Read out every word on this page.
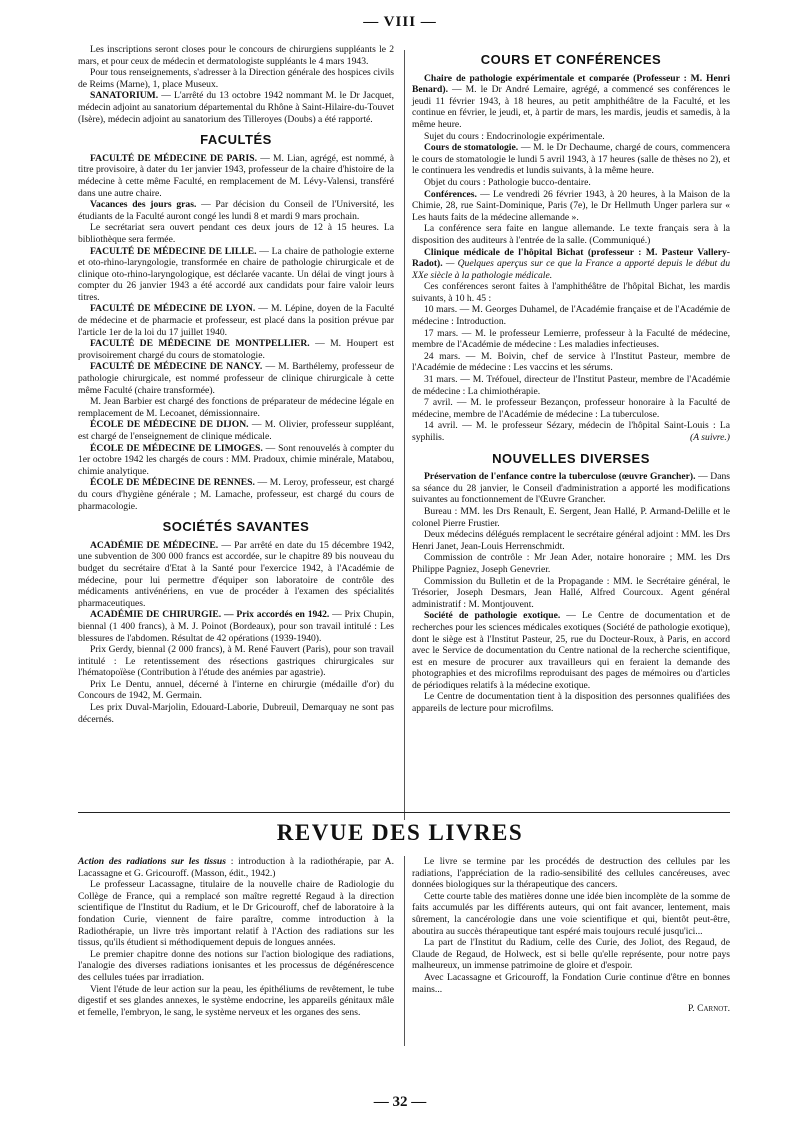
— VIII —

Les inscriptions seront closes pour le concours de chirurgiens suppléants le 2 mars, et pour ceux de médecin et dermatologiste suppléants le 4 mars 1943.

Pour tous renseignements, s'adresser à la Direction générale des hospices civils de Reims (Marne), 1, place Museux.

SANATORIUM. — L'arrêté du 13 octobre 1942 nommant M. le Dr Jacquet, médecin adjoint au sanatorium départemental du Rhône à Saint-Hilaire-du-Touvet (Isère), médecin adjoint au sanatorium des Tilleroyes (Doubs) a été rapporté.

FACULTÉS

FACULTÉ DE MÉDECINE DE PARIS. — M. Lian, agrégé, est nommé, à titre provisoire, à dater du 1er janvier 1943, professeur de la chaire d'histoire de la médecine à cette même Faculté, en remplacement de M. Lévy-Valensi, transféré dans une autre chaire.

Vacances des jours gras. — Par décision du Conseil de l'Université, les étudiants de la Faculté auront congé les lundi 8 et mardi 9 mars prochain.

Le secrétariat sera ouvert pendant ces deux jours de 12 à 15 heures. La bibliothèque sera fermée.

FACULTÉ DE MÉDECINE DE LILLE. — La chaire de pathologie externe et oto-rhino-laryngologie, transformée en chaire de pathologie chirurgicale et de clinique oto-rhino-laryngologique, est déclarée vacante. Un délai de vingt jours à compter du 26 janvier 1943 a été accordé aux candidats pour faire valoir leurs titres.

FACULTÉ DE MÉDECINE DE LYON. — M. Lépine, doyen de la Faculté de médecine et de pharmacie et professeur, est placé dans la position prévue par l'article 1er de la loi du 17 juillet 1940.

FACULTÉ DE MÉDECINE DE MONTPELLIER. — M. Houpert est provisoirement chargé du cours de stomatologie.

FACULTÉ DE MÉDECINE DE NANCY. — M. Barthélemy, professeur de pathologie chirurgicale, est nommé professeur de clinique chirurgicale à cette même Faculté (chaire transformée).

M. Jean Barbier est chargé des fonctions de préparateur de médecine légale en remplacement de M. Lecoanet, démissionnaire.

ÉCOLE DE MÉDECINE DE DIJON. — M. Olivier, professeur suppléant, est chargé de l'enseignement de clinique médicale.

ÉCOLE DE MÉDECINE DE LIMOGES. — Sont renouvelés à compter du 1er octobre 1942 les chargés de cours : MM. Pradoux, chimie minérale, Matabou, chimie analytique.

ÉCOLE DE MÉDECINE DE RENNES. — M. Leroy, professeur, est chargé du cours d'hygiène générale ; M. Lamache, professeur, est chargé du cours de pharmacologie.

SOCIÉTÉS SAVANTES

ACADÉMIE DE MÉDECINE. — Par arrêté en date du 15 décembre 1942, une subvention de 300 000 francs est accordée, sur le chapitre 89 bis nouveau du budget du secrétaire d'Etat à la Santé pour l'exercice 1942, à l'Académie de médecine, pour lui permettre d'équiper son laboratoire de contrôle des médicaments antivénériens, en vue de procéder à l'examen des spécialités pharmaceutiques.

ACADÉMIE DE CHIRURGIE. — Prix accordés en 1942. — Prix Chupin, biennal (1 400 francs), à M. J. Poinot (Bordeaux), pour son travail intitulé : Les blessures de l'abdomen. Résultat de 42 opérations (1939-1940).

Prix Gerdy, biennal (2 000 francs), à M. René Fauvert (Paris), pour son travail intitulé : Le retentissement des résections gastriques chirurgicales sur l'hématopoïèse (Contribution à l'étude des anémies par agastrie).

Prix Le Dentu, annuel, décerné à l'interne en chirurgie (médaille d'or) du Concours de 1942, M. Germain.

Les prix Duval-Marjolin, Edouard-Laborie, Dubreuil, Demarquay ne sont pas décernés.

COURS ET CONFÉRENCES

Chaire de pathologie expérimentale et comparée (Professeur : M. Henri Benard). — M. le Dr André Lemaire, agrégé, a commencé ses conférences le jeudi 11 février 1943, à 18 heures, au petit amphithéâtre de la Faculté, et les continue en février, le jeudi, et, à partir de mars, les mardis, jeudis et samedis, à la même heure.

Sujet du cours : Endocrinologie expérimentale.

Cours de stomatologie. — M. le Dr Dechaume, chargé de cours, commencera le cours de stomatologie le lundi 5 avril 1943, à 17 heures (salle de thèses no 2), et le continuera les vendredis et lundis suivants, à la même heure.

Objet du cours : Pathologie bucco-dentaire.

Conférences. — Le vendredi 26 février 1943, à 20 heures, à la Maison de la Chimie, 28, rue Saint-Dominique, Paris (7e), le Dr Hellmuth Unger parlera sur « Les hauts faits de la médecine allemande ».

La conférence sera faite en langue allemande. Le texte français sera à la disposition des auditeurs à l'entrée de la salle. (Communiqué.)

Clinique médicale de l'hôpital Bichat (professeur : M. Pasteur Vallery-Radot). — Quelques aperçus sur ce que la France a apporté depuis le début du XXe siècle à la pathologie médicale.

Ces conférences seront faites à l'amphithéâtre de l'hôpital Bichat, les mardis suivants, à 10 h. 45 :

10 mars. — M. Georges Duhamel, de l'Académie française et de l'Académie de médecine : Introduction.

17 mars. — M. le professeur Lemierre, professeur à la Faculté de médecine, membre de l'Académie de médecine : Les maladies infectieuses.

24 mars. — M. Boivin, chef de service à l'Institut Pasteur, membre de l'Académie de médecine : Les vaccins et les sérums.

31 mars. — M. Tréfouel, directeur de l'Institut Pasteur, membre de l'Académie de médecine : La chimiothérapie.

7 avril. — M. le professeur Bezançon, professeur honoraire à la Faculté de médecine, membre de l'Académie de médecine : La tuberculose.

14 avril. — M. le professeur Sézary, médecin de l'hôpital Saint-Louis : La syphilis.	(A suivre.)

NOUVELLES DIVERSES

Préservation de l'enfance contre la tuberculose (œuvre Grancher). — Dans sa séance du 28 janvier, le Conseil d'administration a apporté les modifications suivantes au fonctionnement de l'Œuvre Grancher.

Bureau : MM. les Drs Renault, E. Sergent, Jean Hallé, P. Armand-Delille et le colonel Pierre Frustier.

Deux médecins délégués remplacent le secrétaire général adjoint : MM. les Drs Henri Janet, Jean-Louis Herrenschmidt.

Commission de contrôle : Mr Jean Ader, notaire honoraire ; MM. les Drs Philippe Pagniez, Joseph Genevrier.

Commission du Bulletin et de la Propagande : MM. le Secrétaire général, le Trésorier, Joseph Desmars, Jean Hallé, Alfred Courcoux. Agent général administratif : M. Montjouvent.

Société de pathologie exotique. — Le Centre de documentation et de recherches pour les sciences médicales exotiques (Société de pathologie exotique), dont le siège est à l'Institut Pasteur, 25, rue du Docteur-Roux, à Paris, en accord avec le Service de documentation du Centre national de la recherche scientifique, est en mesure de procurer aux travailleurs qui en feraient la demande des photographies et des microfilms reproduisant des pages de mémoires ou d'articles de périodiques relatifs à la médecine exotique.

Le Centre de documentation tient à la disposition des personnes qualifiées des appareils de lecture pour microfilms.

REVUE DES LIVRES

Action des radiations sur les tissus : introduction à la radiothérapie, par A. Lacassagne et G. Gricouroff. (Masson, édit., 1942.)

Le professeur Lacassagne, titulaire de la nouvelle chaire de Radiologie du Collège de France, qui a remplacé son maître regretté Regaud à la direction scientifique de l'Institut du Radium, et le Dr Gricouroff, chef de laboratoire à la fondation Curie, viennent de faire paraître, comme introduction à la Radiothérapie, un livre très important relatif à l'Action des radiations sur les tissus, qu'ils étudient si méthodiquement depuis de longues années.

Le premier chapitre donne des notions sur l'action biologique des radiations, l'analogie des diverses radiations ionisantes et les processus de dégénérescence des cellules tuées par irradiation.

Vient l'étude de leur action sur la peau, les épithéliums de revêtement, le tube digestif et ses glandes annexes, le système endocrine, les appareils génitaux mâle et femelle, l'embryon, le sang, le système nerveux et les organes des sens.

Le livre se termine par les procédés de destruction des cellules par les radiations, l'appréciation de la radio-sensibilité des cellules cancéreuses, avec données biologiques sur la thérapeutique des cancers.

Cette courte table des matières donne une idée bien incomplète de la somme de faits accumulés par les différents auteurs, qui ont fait avancer, lentement, mais sûrement, la cancérologie dans une voie scientifique et qui, bientôt peut-être, aboutira au succès thérapeutique tant espéré mais toujours reculé jusqu'ici...

La part de l'Institut du Radium, celle des Curie, des Joliot, des Regaud, de Claude de Regaud, de Holweck, est si belle qu'elle représente, pour notre pays malheureux, un immense patrimoine de gloire et d'espoir.

Avec Lacassagne et Gricouroff, la Fondation Curie continue d'être en bonnes mains...

P. Carnot.

— 32 —
